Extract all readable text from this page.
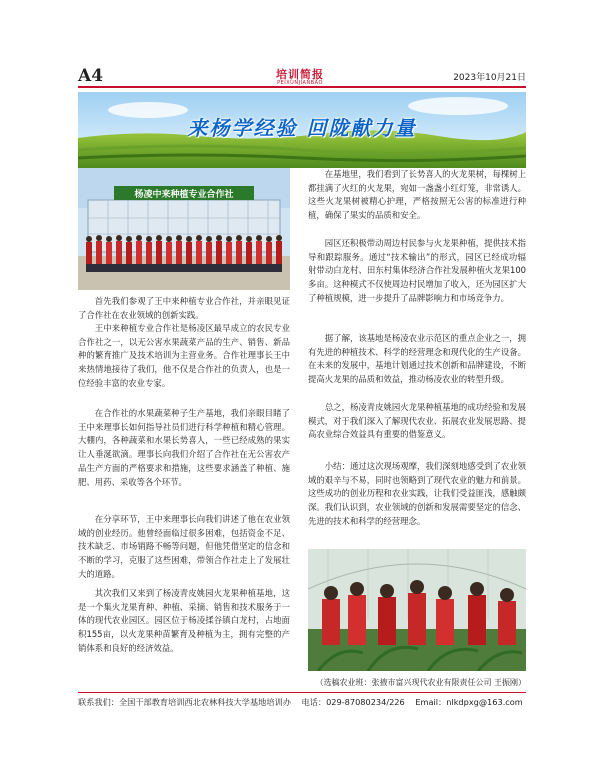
A4	培训简报
PEIXUNJIANBAO	2023年10月21日
来杨学经验 回陇献力量
杨凌中来种植专业合作社
首先我们参观了王中来种植专业合作社，并亲眼见证了合作社在农业领域的创新实践。
王中来种植专业合作社是杨凌区最早成立的农民专业合作社之一，以无公害水果蔬菜产品的生产、销售、新品种的繁育推广及技术培训为主营业务。合作社理事长王中来热情地接待了我们，他不仅是合作社的负责人，也是一位经验丰富的农业专家。
在合作社的水果蔬菜种子生产基地，我们亲眼目睹了王中来理事长如何指导社员们进行科学种植和精心管理。大棚内，各种蔬菜和水果长势喜人，一些已经成熟的果实让人垂涎欲滴。理事长向我们介绍了合作社在无公害农产品生产方面的严格要求和措施，这些要求涵盖了种植、施肥、用药、采收等各个环节。
在分享环节，王中来理事长向我们讲述了他在农业领域的创业经历。他曾经面临过很多困难，包括资金不足、技术缺乏、市场销路不畅等问题，但他凭借坚定的信念和不断的学习，克服了这些困难，带领合作社走上了发展壮大的道路。
其次我们又来到了杨凌青皮姚园火龙果种植基地，这是一个集火龙果育种、种植、采摘、销售和技术服务于一体的现代农业园区。园区位于杨凌揉谷镇白龙村，占地面积155亩，以火龙果种苗繁育及种植为主，拥有完整的产销体系和良好的经济效益。
在基地里，我们看到了长势喜人的火龙果树，每棵树上都挂满了火红的火龙果，宛如一盏盏小红灯笼，非常诱人。这些火龙果树被精心护理，严格按照无公害的标准进行种植，确保了果实的品质和安全。
园区还积极带动周边村民参与火龙果种植，提供技术指导和跟踪服务。通过“技术输出”的形式，园区已经成功辐射带动白龙村、田东村集体经济合作社发展种植火龙果100多亩。这种模式不仅使周边村民增加了收入，还为园区扩大了种植规模，进一步提升了品牌影响力和市场竞争力。
据了解，该基地是杨凌农业示范区的重点企业之一，拥有先进的种植技术、科学的经营理念和现代化的生产设备。在未来的发展中，基地计划通过技术创新和品牌建设，不断提高火龙果的品质和效益，推动杨凌农业的转型升级。
总之，杨凌青皮姚园火龙果种植基地的成功经验和发展模式，对于我们深入了解现代农业、拓展农业发展思路、提高农业综合效益具有重要的借鉴意义。
小结：通过这次现场观摩，我们深刻地感受到了农业领域的艰辛与不易，同时也领略到了现代农业的魅力和前景。这些成功的创业历程和农业实践，让我们受益匪浅，感触颇深。我们认识到，农业领域的创新和发展需要坚定的信念、先进的技术和科学的经营理念。
（选稿农业班：张掖市富兴现代农业有限责任公司 王振刚）
联系我们：全国干部教育培训西北农林科技大学基地培训办 电话：029-87080234/226 Email：nlkdpxg@163.com
